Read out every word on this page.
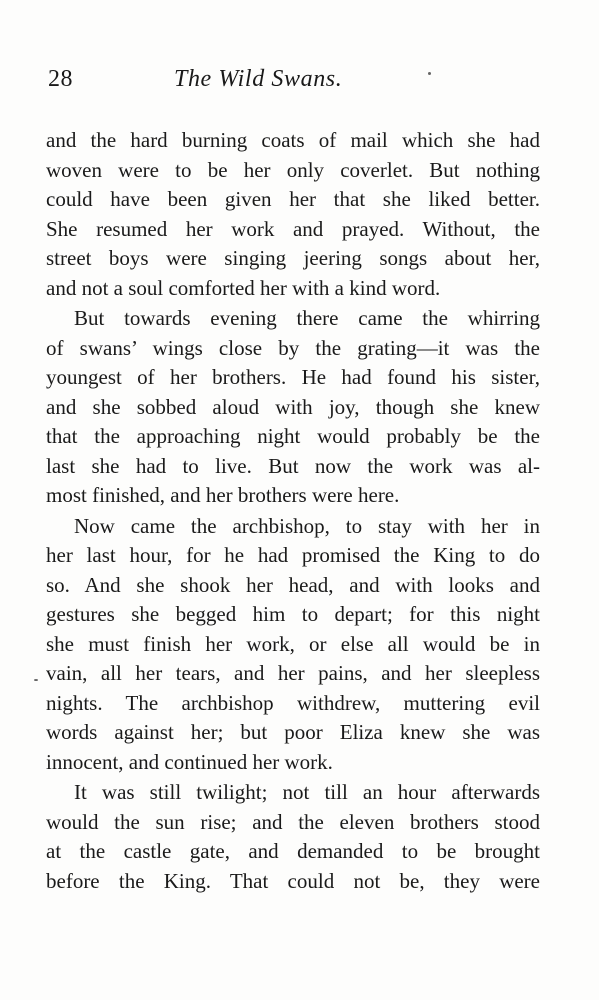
28	The Wild Swans.
and the hard burning coats of mail which she had
woven were to be her only coverlet. But nothing
could have been given her that she liked better.
She resumed her work and prayed. Without, the
street boys were singing jeering songs about her,
and not a soul comforted her with a kind word.
But towards evening there came the whirring
of swans’ wings close by the grating—it was the
youngest of her brothers. He had found his sister,
and she sobbed aloud with joy, though she knew
that the approaching night would probably be the
last she had to live. But now the work was al-
most finished, and her brothers were here.
Now came the archbishop, to stay with her in
her last hour, for he had promised the King to do
so. And she shook her head, and with looks and
gestures she begged him to depart; for this night
she must finish her work, or else all would be in
vain, all her tears, and her pains, and her sleepless
nights. The archbishop withdrew, muttering evil
words against her; but poor Eliza knew she was
innocent, and continued her work.
It was still twilight; not till an hour afterwards
would the sun rise; and the eleven brothers stood
at the castle gate, and demanded to be brought
before the King. That could not be, they were
